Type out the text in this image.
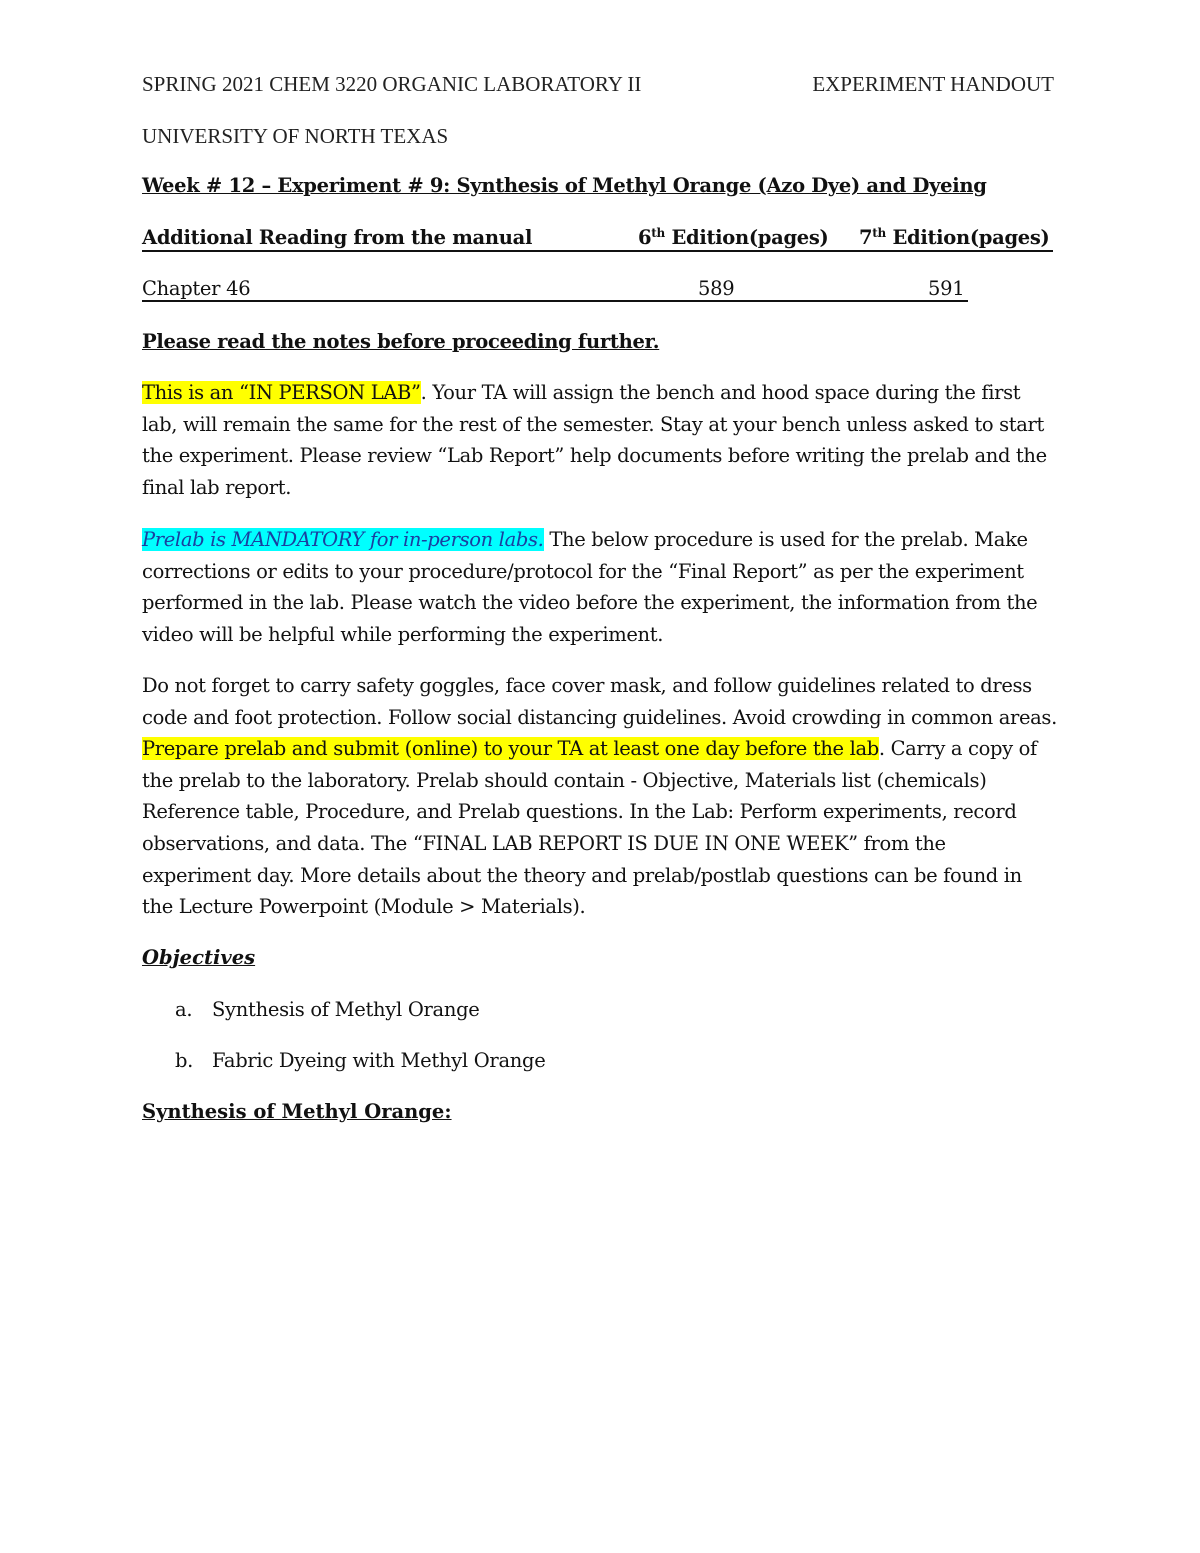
SPRING 2021 CHEM 3220 ORGANIC LABORATORY II	EXPERIMENT HANDOUT
UNIVERSITY OF NORTH TEXAS
Week # 12 – Experiment # 9: Synthesis of Methyl Orange (Azo Dye) and Dyeing
Additional Reading from the manual	6th Edition(pages) 7th Edition(pages)
Chapter 46	589	591
Please read the notes before proceeding further.
This is an “IN PERSON LAB”. Your TA will assign the bench and hood space during the first lab, will remain the same for the rest of the semester. Stay at your bench unless asked to start the experiment. Please review “Lab Report” help documents before writing the prelab and the final lab report.
Prelab is MANDATORY for in-person labs. The below procedure is used for the prelab. Make corrections or edits to your procedure/protocol for the “Final Report” as per the experiment performed in the lab. Please watch the video before the experiment, the information from the video will be helpful while performing the experiment.
Do not forget to carry safety goggles, face cover mask, and follow guidelines related to dress code and foot protection. Follow social distancing guidelines. Avoid crowding in common areas. Prepare prelab and submit (online) to your TA at least one day before the lab. Carry a copy of the prelab to the laboratory. Prelab should contain - Objective, Materials list (chemicals) Reference table, Procedure, and Prelab questions. In the Lab: Perform experiments, record observations, and data. The “FINAL LAB REPORT IS DUE IN ONE WEEK” from the experiment day. More details about the theory and prelab/postlab questions can be found in the Lecture Powerpoint (Module > Materials).
Objectives
a. Synthesis of Methyl Orange
b. Fabric Dyeing with Methyl Orange
Synthesis of Methyl Orange:
